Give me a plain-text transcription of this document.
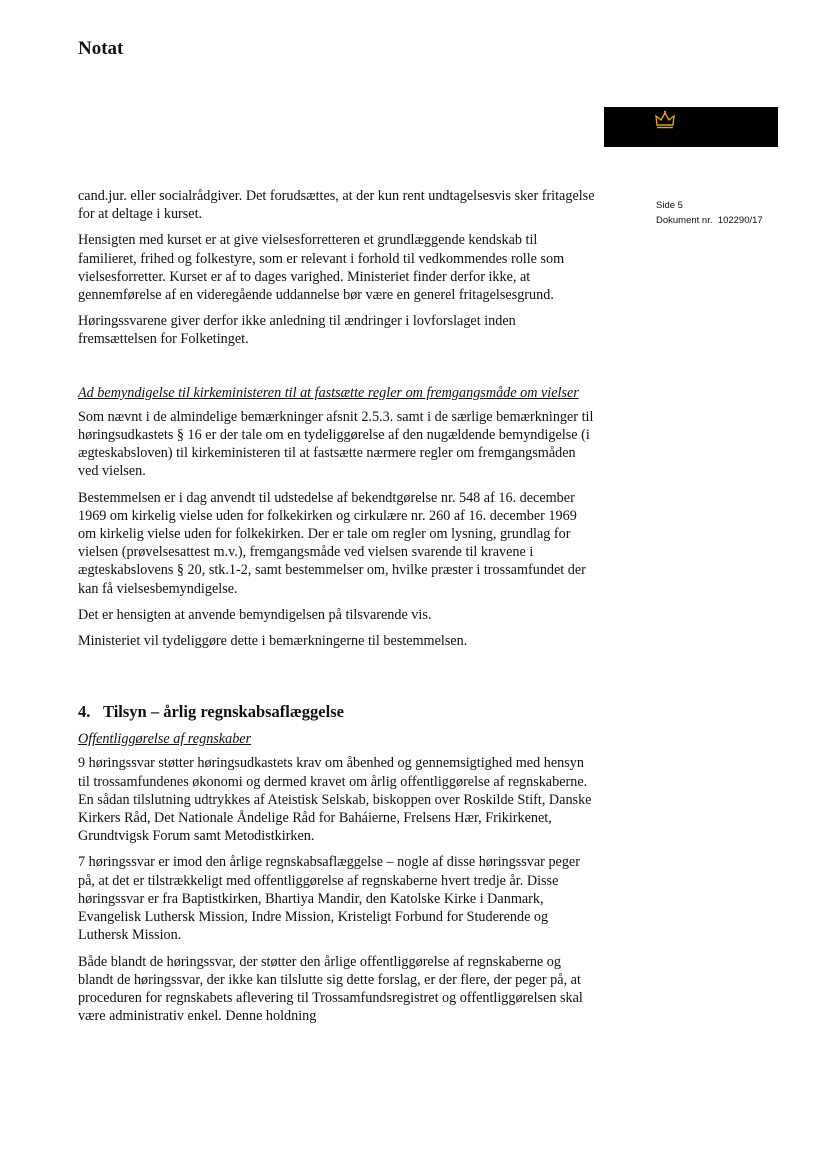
Notat
Side 5
Dokument nr. 102290/17

cand.jur. eller socialrådgiver. Det forudsættes, at der kun rent undtagelsesvis sker fritagelse for at deltage i kurset.

Hensigten med kurset er at give vielsesforretteren et grundlæggende kendskab til familieret, frihed og folkestyre, som er relevant i forhold til vedkommendes rolle som vielsesforretter. Kurset er af to dages varighed. Ministeriet finder derfor ikke, at gennemførelse af en videregående uddannelse bør være en generel fritagelsesgrund.

Høringssvarene giver derfor ikke anledning til ændringer i lovforslaget inden fremsættelsen for Folketinget.

Ad bemyndigelse til kirkeministeren til at fastsætte regler om fremgangsmåde om vielser

Som nævnt i de almindelige bemærkninger afsnit 2.5.3. samt i de særlige bemærkninger til høringsudkastets § 16 er der tale om en tydeliggørelse af den nugældende bemyndigelse (i ægteskabsloven) til kirkeministeren til at fastsætte nærmere regler om fremgangsmåden ved vielsen.

Bestemmelsen er i dag anvendt til udstedelse af bekendtgørelse nr. 548 af 16. december 1969 om kirkelig vielse uden for folkekirken og cirkulære nr. 260 af 16. december 1969 om kirkelig vielse uden for folkekirken. Der er tale om regler om lysning, grundlag for vielsen (prøvelsesattest m.v.), fremgangsmåde ved vielsen svarende til kravene i ægteskabslovens § 20, stk.1-2, samt bestemmelser om, hvilke præster i trossamfundet der kan få vielsesbemyndigelse.

Det er hensigten at anvende bemyndigelsen på tilsvarende vis.

Ministeriet vil tydeliggøre dette i bemærkningerne til bestemmelsen.

4. Tilsyn – årlig regnskabsaflæggelse
Offentliggørelse af regnskaber

9 høringssvar støtter høringsudkastets krav om åbenhed og gennemsigtighed med hensyn til trossamfundenes økonomi og dermed kravet om årlig offentliggørelse af regnskaberne. En sådan tilslutning udtrykkes af Ateistisk Selskab, biskoppen over Roskilde Stift, Danske Kirkers Råd, Det Nationale Åndelige Råd for Baháierne, Frelsens Hær, Frikirkenet, Grundtvigsk Forum samt Metodistkirken.

7 høringssvar er imod den årlige regnskabsaflæggelse – nogle af disse høringssvar peger på, at det er tilstrækkeligt med offentliggørelse af regnskaberne hvert tredje år. Disse høringssvar er fra Baptistkirken, Bhartiya Mandir, den Katolske Kirke i Danmark, Evangelisk Luthersk Mission, Indre Mission, Kristeligt Forbund for Studerende og Luthersk Mission.

Både blandt de høringssvar, der støtter den årlige offentliggørelse af regnskaberne og blandt de høringssvar, der ikke kan tilslutte sig dette forslag, er der flere, der peger på, at proceduren for regnskabets aflevering til Trossamfundsregistret og offentliggørelsen skal være administrativ enkel. Denne holdning
